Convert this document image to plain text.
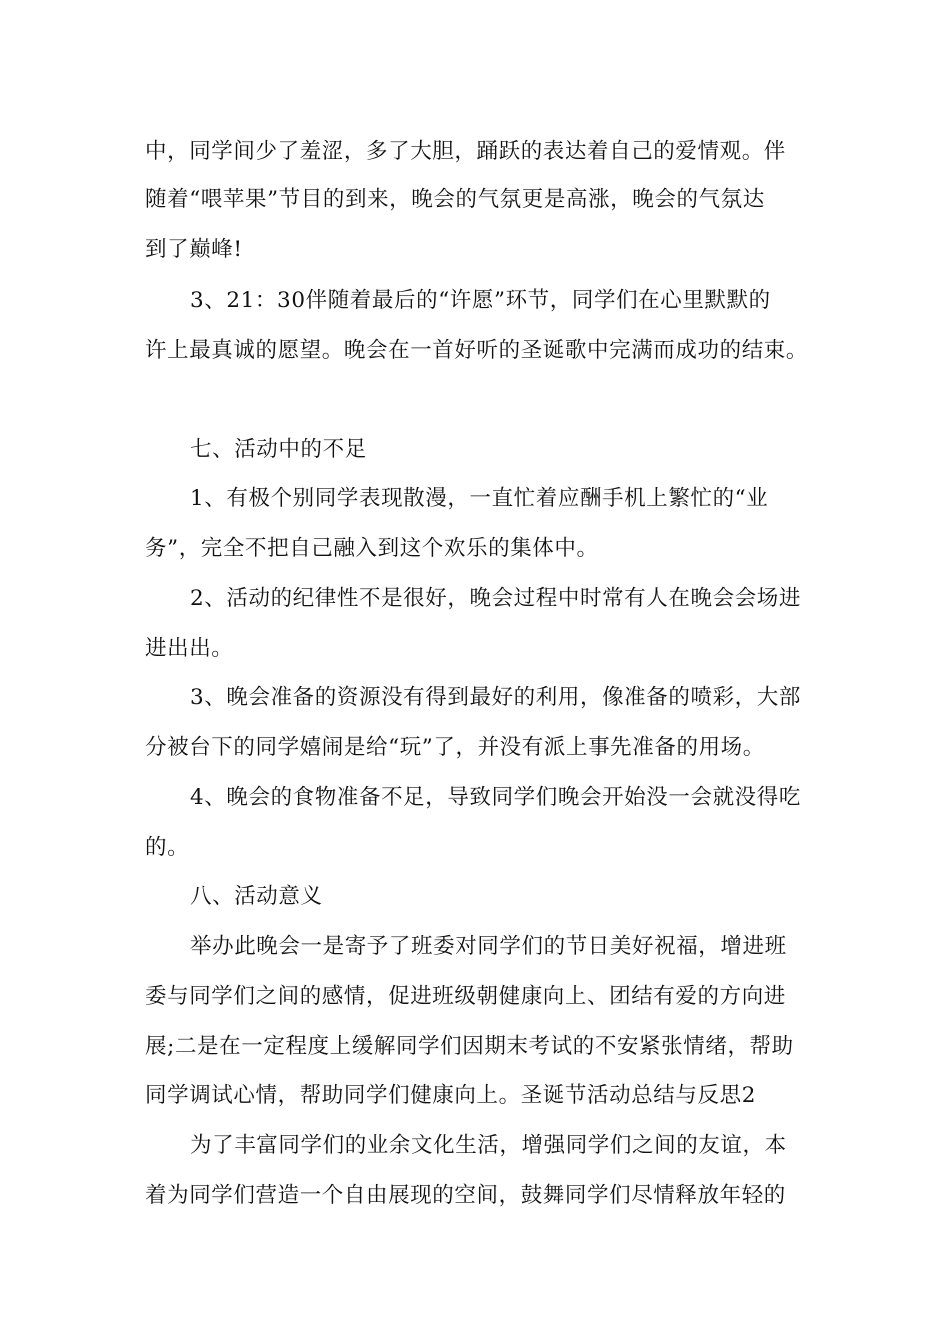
中，同学间少了羞涩，多了大胆，踊跃的表达着自己的爱情观。伴
随着“喂苹果”节目的到来，晚会的气氛更是高涨，晚会的气氛达
到了巅峰!
3、21：30伴随着最后的“许愿”环节，同学们在心里默默的
许上最真诚的愿望。晚会在一首好听的圣诞歌中完满而成功的结束。
七、活动中的不足
1、有极个别同学表现散漫，一直忙着应酬手机上繁忙的“业
务”，完全不把自己融入到这个欢乐的集体中。
2、活动的纪律性不是很好，晚会过程中时常有人在晚会会场进
进出出。
3、晚会准备的资源没有得到最好的利用，像准备的喷彩，大部
分被台下的同学嬉闹是给“玩”了，并没有派上事先准备的用场。
4、晚会的食物准备不足，导致同学们晚会开始没一会就没得吃
的。
八、活动意义
举办此晚会一是寄予了班委对同学们的节日美好祝福，增进班
委与同学们之间的感情，促进班级朝健康向上、团结有爱的方向进
展;二是在一定程度上缓解同学们因期末考试的不安紧张情绪，帮助
同学调试心情，帮助同学们健康向上。圣诞节活动总结与反思2
为了丰富同学们的业余文化生活，增强同学们之间的友谊，本
着为同学们营造一个自由展现的空间，鼓舞同学们尽情释放年轻的
